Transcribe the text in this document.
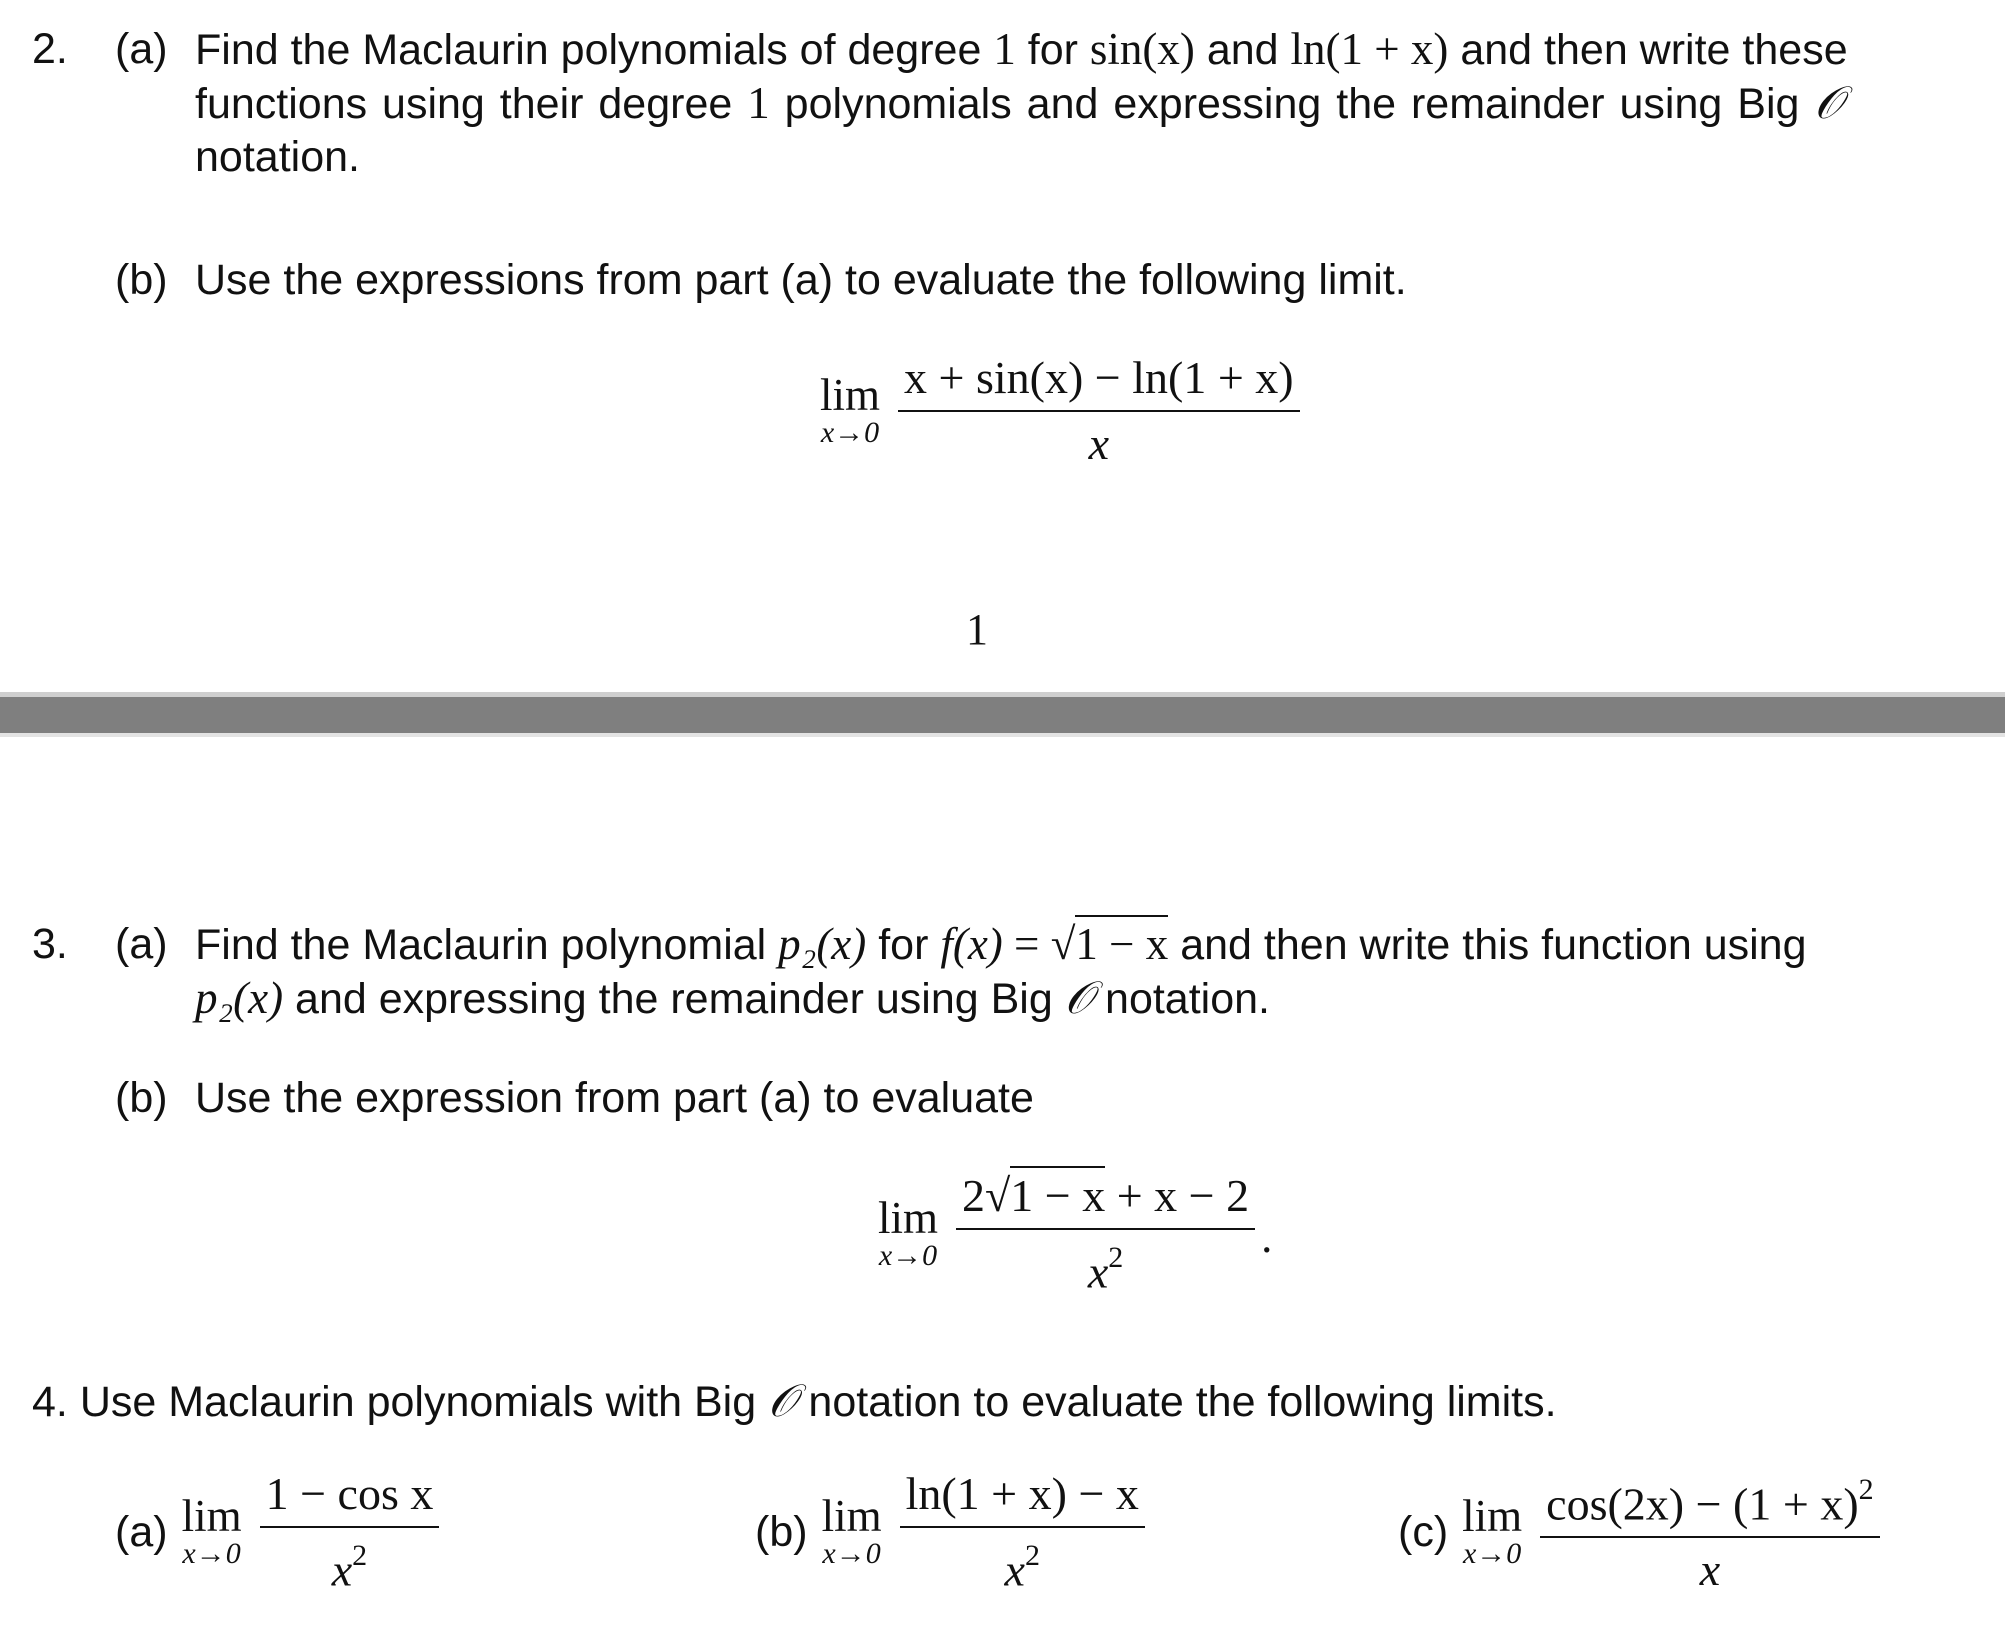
2. (a) Find the Maclaurin polynomials of degree 1 for sin(x) and ln(1 + x) and then write these
functions using their degree 1 polynomials and expressing the remainder using Big 𝒪
notation.
(b) Use the expressions from part (a) to evaluate the following limit.
lim
$x\to 0 \frac{x + \sin(x) - \ln(1 + x)}{x}$
1
3. (a) Find the Maclaurin polynomial p₂(x) for f(x) = √1 − x and then write this function using
p₂(x) and expressing the remainder using Big 𝒪 notation.
(b) Use the expression from part (a) to evaluate
lim
$x\to 0 \frac{2√1 - x + x - 2}{x^2}$ .
4. Use Maclaurin polynomials with Big 𝒪 notation to evaluate the following limits.
(a) lim
$x\to 0 \frac{\text{1 − cos x}}{x^2}$	(b) lim
$x\to 0 \frac{\ln(1 + x) - x}{x^2}$	(c) lim
$x\to 0 \frac{\cos(2x) - (1 + x)^2}{x}$
